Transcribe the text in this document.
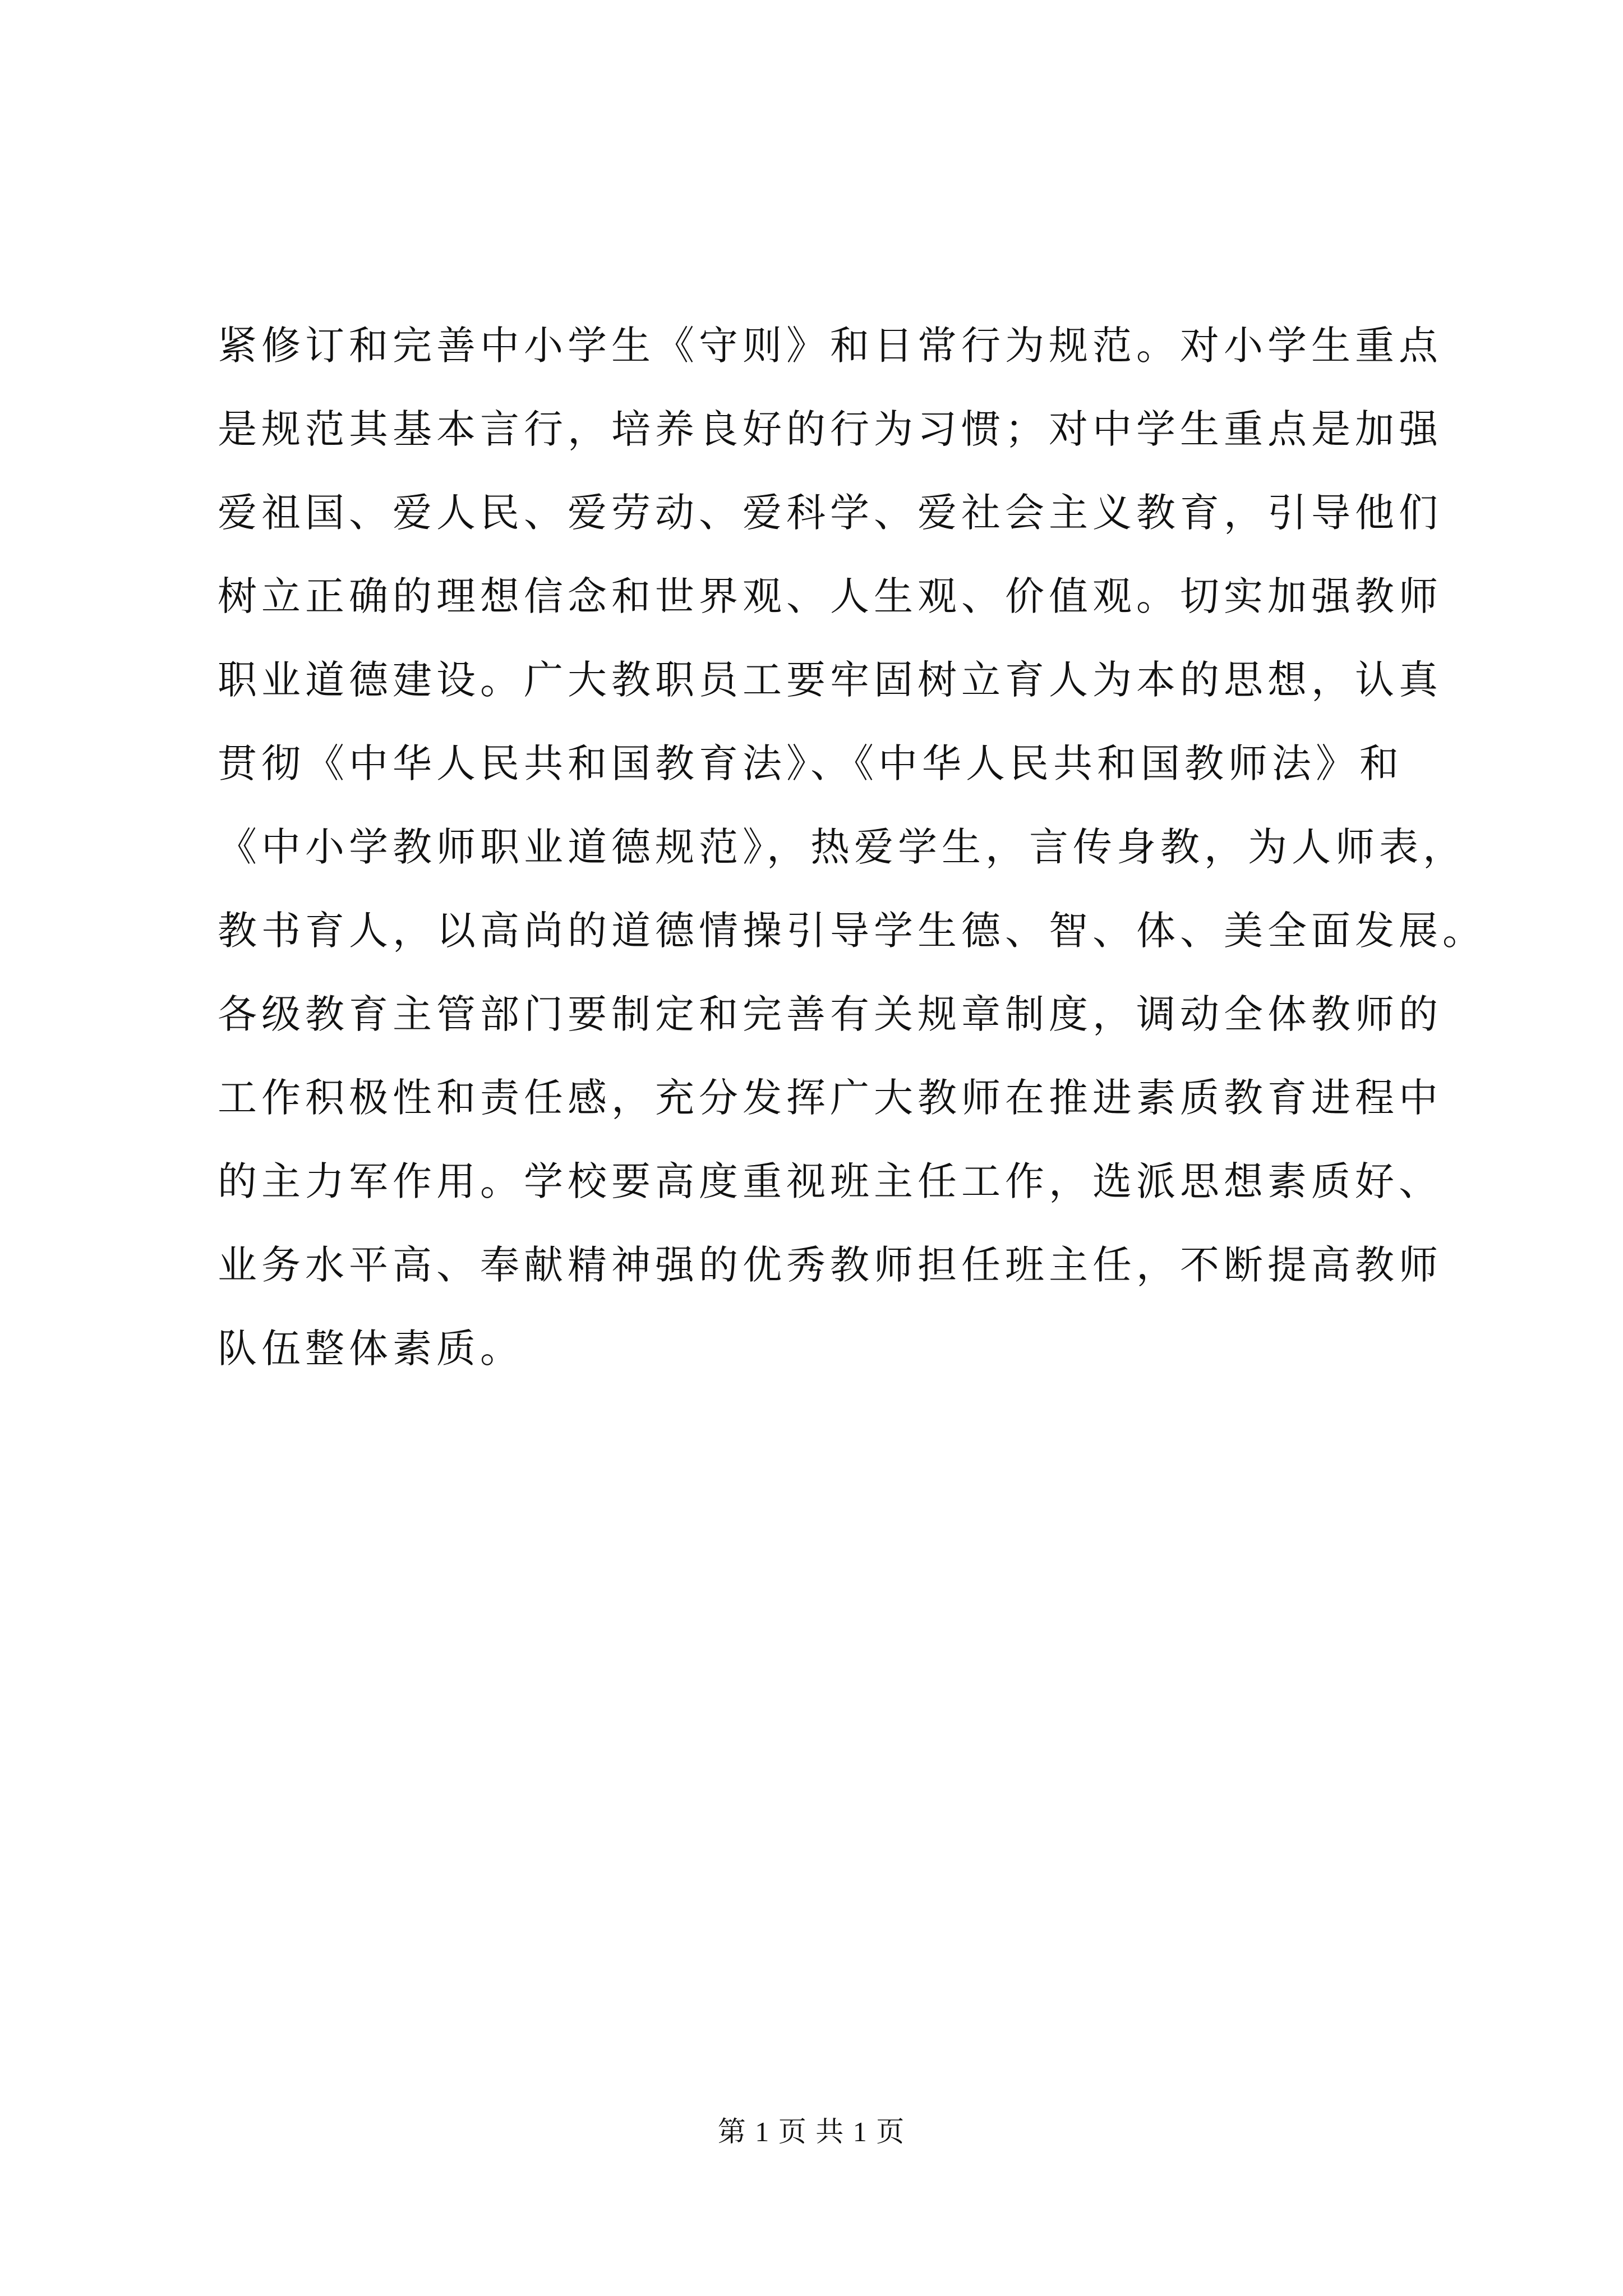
紧修订和完善中小学生《守则》和日常行为规范。对小学生重点
是规范其基本言行，培养良好的行为习惯；对中学生重点是加强
爱祖国、爱人民、爱劳动、爱科学、爱社会主义教育，引导他们
树立正确的理想信念和世界观、人生观、价值观。切实加强教师
职业道德建设。广大教职员工要牢固树立育人为本的思想，认真
贯彻《中华人民共和国教育法》、《中华人民共和国教师法》和
《中小学教师职业道德规范》，热爱学生，言传身教，为人师表，
教书育人，以高尚的道德情操引导学生德、智、体、美全面发展。
各级教育主管部门要制定和完善有关规章制度，调动全体教师的
工作积极性和责任感，充分发挥广大教师在推进素质教育进程中
的主力军作用。学校要高度重视班主任工作，选派思想素质好、
业务水平高、奉献精神强的优秀教师担任班主任，不断提高教师
队伍整体素质。
第 1 页 共 1 页
